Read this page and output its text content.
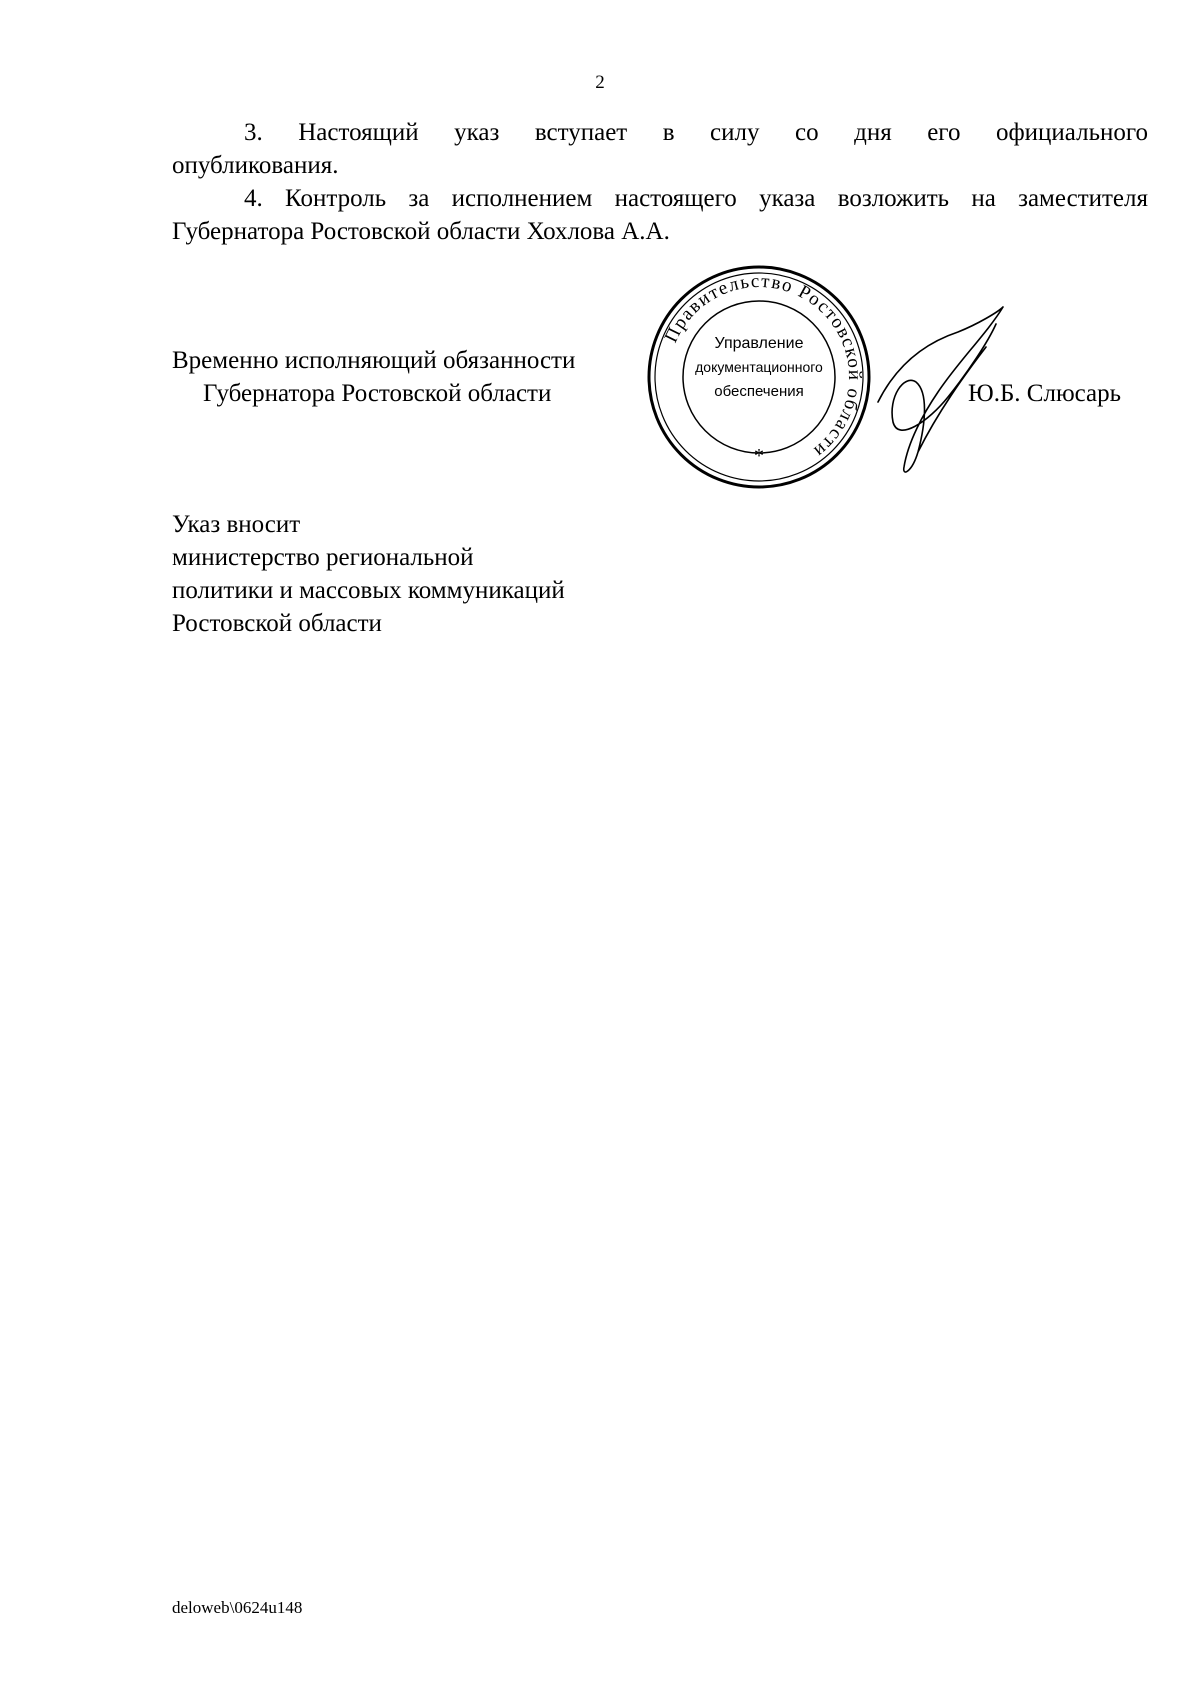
2
3. Настоящий указ вступает в силу со дня его официального
опубликования.
4. Контроль за исполнением настоящего указа возложить на заместителя
Губернатора Ростовской области Хохлова А.А.
Временно исполняющий обязанности
Губернатора Ростовской области
Правительство Ростовской области
Управление
документационного
обеспечения
*
Ю.Б. Слюсарь
Указ вносит
министерство региональной
политики и массовых коммуникаций
Ростовской области
deloweb\0624u148
